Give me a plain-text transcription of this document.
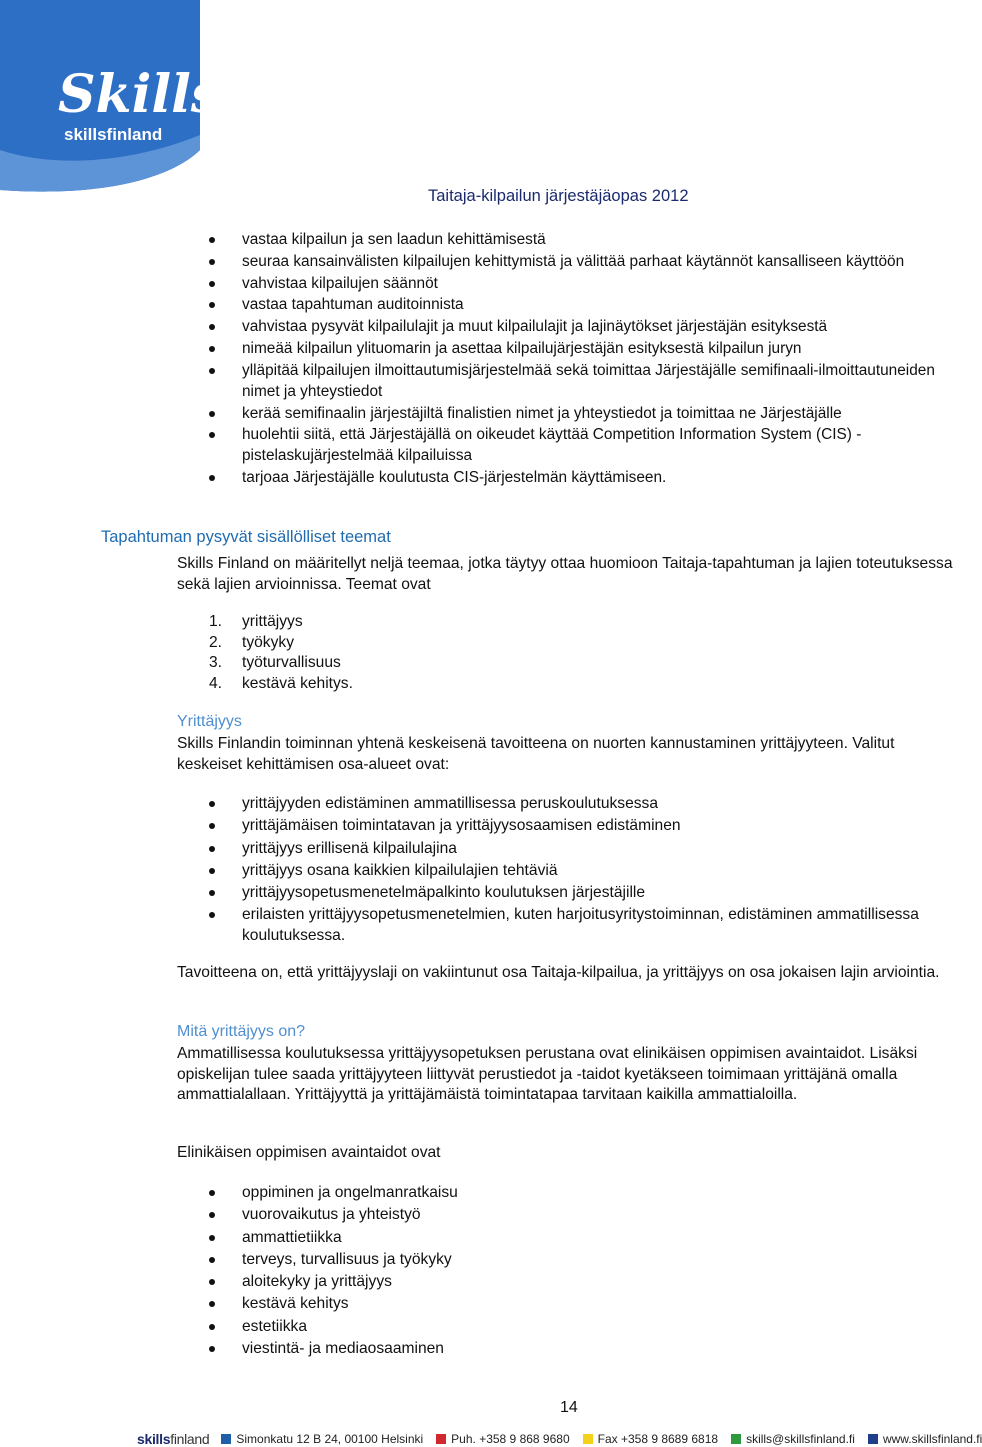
Skills
skillsfinland
Taitaja-kilpailun järjestäjäopas 2012
vastaa kilpailun ja sen laadun kehittämisestä
seuraa kansainvälisten kilpailujen kehittymistä ja välittää parhaat käytännöt kansalliseen käyttöön
vahvistaa kilpailujen säännöt
vastaa tapahtuman auditoinnista
vahvistaa pysyvät kilpailulajit ja muut kilpailulajit ja lajinäytökset järjestäjän esityksestä
nimeää kilpailun ylituomarin ja asettaa kilpailujärjestäjän esityksestä kilpailun juryn
ylläpitää kilpailujen ilmoittautumisjärjestelmää sekä toimittaa Järjestäjälle semifinaali-ilmoittautuneiden nimet ja yhteystiedot
kerää semifinaalin järjestäjiltä finalistien nimet ja yhteystiedot ja toimittaa ne Järjestäjälle
huolehtii siitä, että Järjestäjällä on oikeudet käyttää Competition Information System (CIS) -pistelaskujärjestelmää kilpailuissa
tarjoaa Järjestäjälle koulutusta CIS-järjestelmän käyttämiseen.
Tapahtuman pysyvät sisällölliset teemat
Skills Finland on määritellyt neljä teemaa, jotka täytyy ottaa huomioon Taitaja-tapahtuman ja lajien toteutuksessa sekä lajien arvioinnissa. Teemat ovat
1. yrittäjyys
2. työkyky
3. työturvallisuus
4. kestävä kehitys.
Yrittäjyys
Skills Finlandin toiminnan yhtenä keskeisenä tavoitteena on nuorten kannustaminen yrittäjyyteen. Valitut keskeiset kehittämisen osa-alueet ovat:
yrittäjyyden edistäminen ammatillisessa peruskoulutuksessa
yrittäjämäisen toimintatavan ja yrittäjyysosaamisen edistäminen
yrittäjyys erillisenä kilpailulajina
yrittäjyys osana kaikkien kilpailulajien tehtäviä
yrittäjyysopetusmenetelmäpalkinto koulutuksen järjestäjille
erilaisten yrittäjyysopetusmenetelmien, kuten harjoitusyritystoiminnan, edistäminen ammatillisessa koulutuksessa.
Tavoitteena on, että yrittäjyyslaji on vakiintunut osa Taitaja-kilpailua, ja yrittäjyys on osa jokaisen lajin arviointia.
Mitä yrittäjyys on?
Ammatillisessa koulutuksessa yrittäjyysopetuksen perustana ovat elinikäisen oppimisen avaintaidot. Lisäksi opiskelijan tulee saada yrittäjyyteen liittyvät perustiedot ja -taidot kyetäkseen toimimaan yrittäjänä omalla ammattialallaan. Yrittäjyyttä ja yrittäjämäistä toimintatapaa tarvitaan kaikilla ammattialoilla.
Elinikäisen oppimisen avaintaidot ovat
oppiminen ja ongelmanratkaisu
vuorovaikutus ja yhteistyö
ammattietiikka
terveys, turvallisuus ja työkyky
aloitekyky ja yrittäjyys
kestävä kehitys
estetiikka
viestintä- ja mediaosaaminen
14
skillsfinland Simonkatu 12 B 24, 00100 Helsinki Puh. +358 9 868 9680 Fax +358 9 8689 6818 skills@skillsfinland.fi www.skillsfinland.fi
